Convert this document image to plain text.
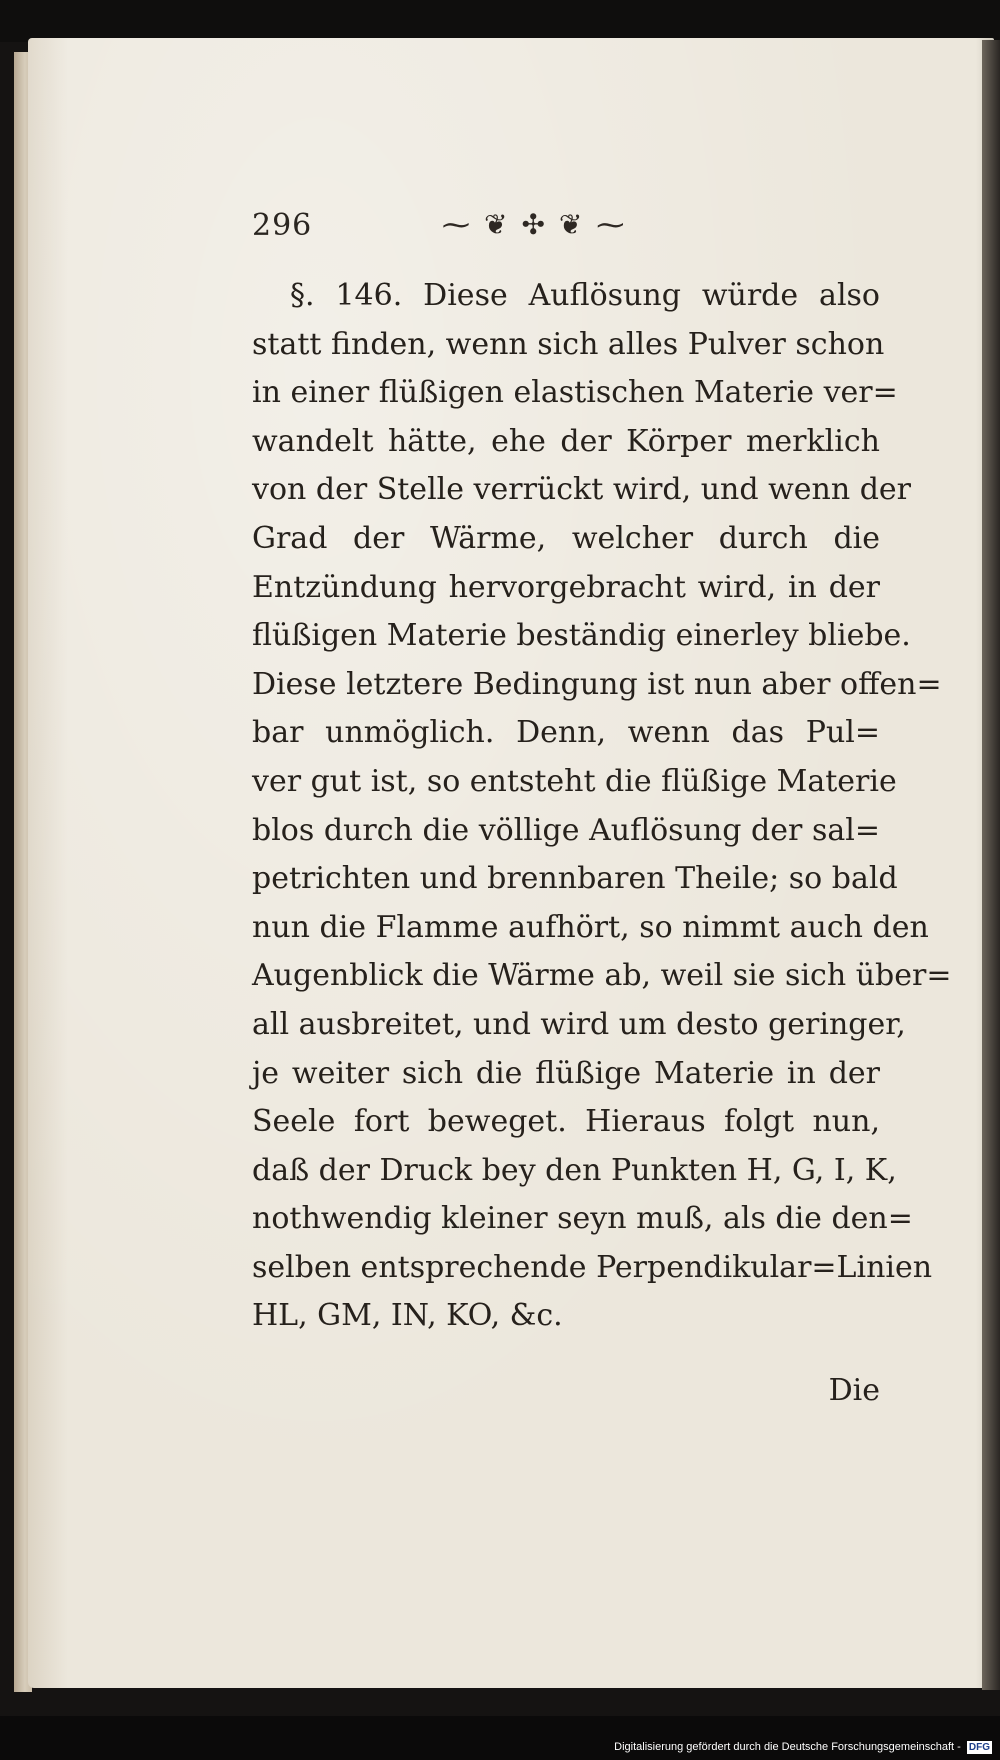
296	⁓❦✣❦⁓
§. 146. Diese Auflösung würde also
statt finden, wenn sich alles Pulver schon
in einer flüßigen elastischen Materie ver=
wandelt hätte, ehe der Körper merklich
von der Stelle verrückt wird, und wenn der
Grad der Wärme, welcher durch die
Entzündung hervorgebracht wird, in der
flüßigen Materie beständig einerley bliebe.
Diese letztere Bedingung ist nun aber offen=
bar unmöglich. Denn, wenn das Pul=
ver gut ist, so entsteht die flüßige Materie
blos durch die völlige Auflösung der sal=
petrichten und brennbaren Theile; so bald
nun die Flamme aufhört, so nimmt auch den
Augenblick die Wärme ab, weil sie sich über=
all ausbreitet, und wird um desto geringer,
je weiter sich die flüßige Materie in der
Seele fort beweget. Hieraus folgt nun,
daß der Druck bey den Punkten H, G, I, K,
nothwendig kleiner seyn muß, als die den=
selben entsprechende Perpendikular=Linien
HL, GM, IN, KO, &c.
Die
Digitalisierung gefördert durch die Deutsche Forschungsgemeinschaft - DFG
